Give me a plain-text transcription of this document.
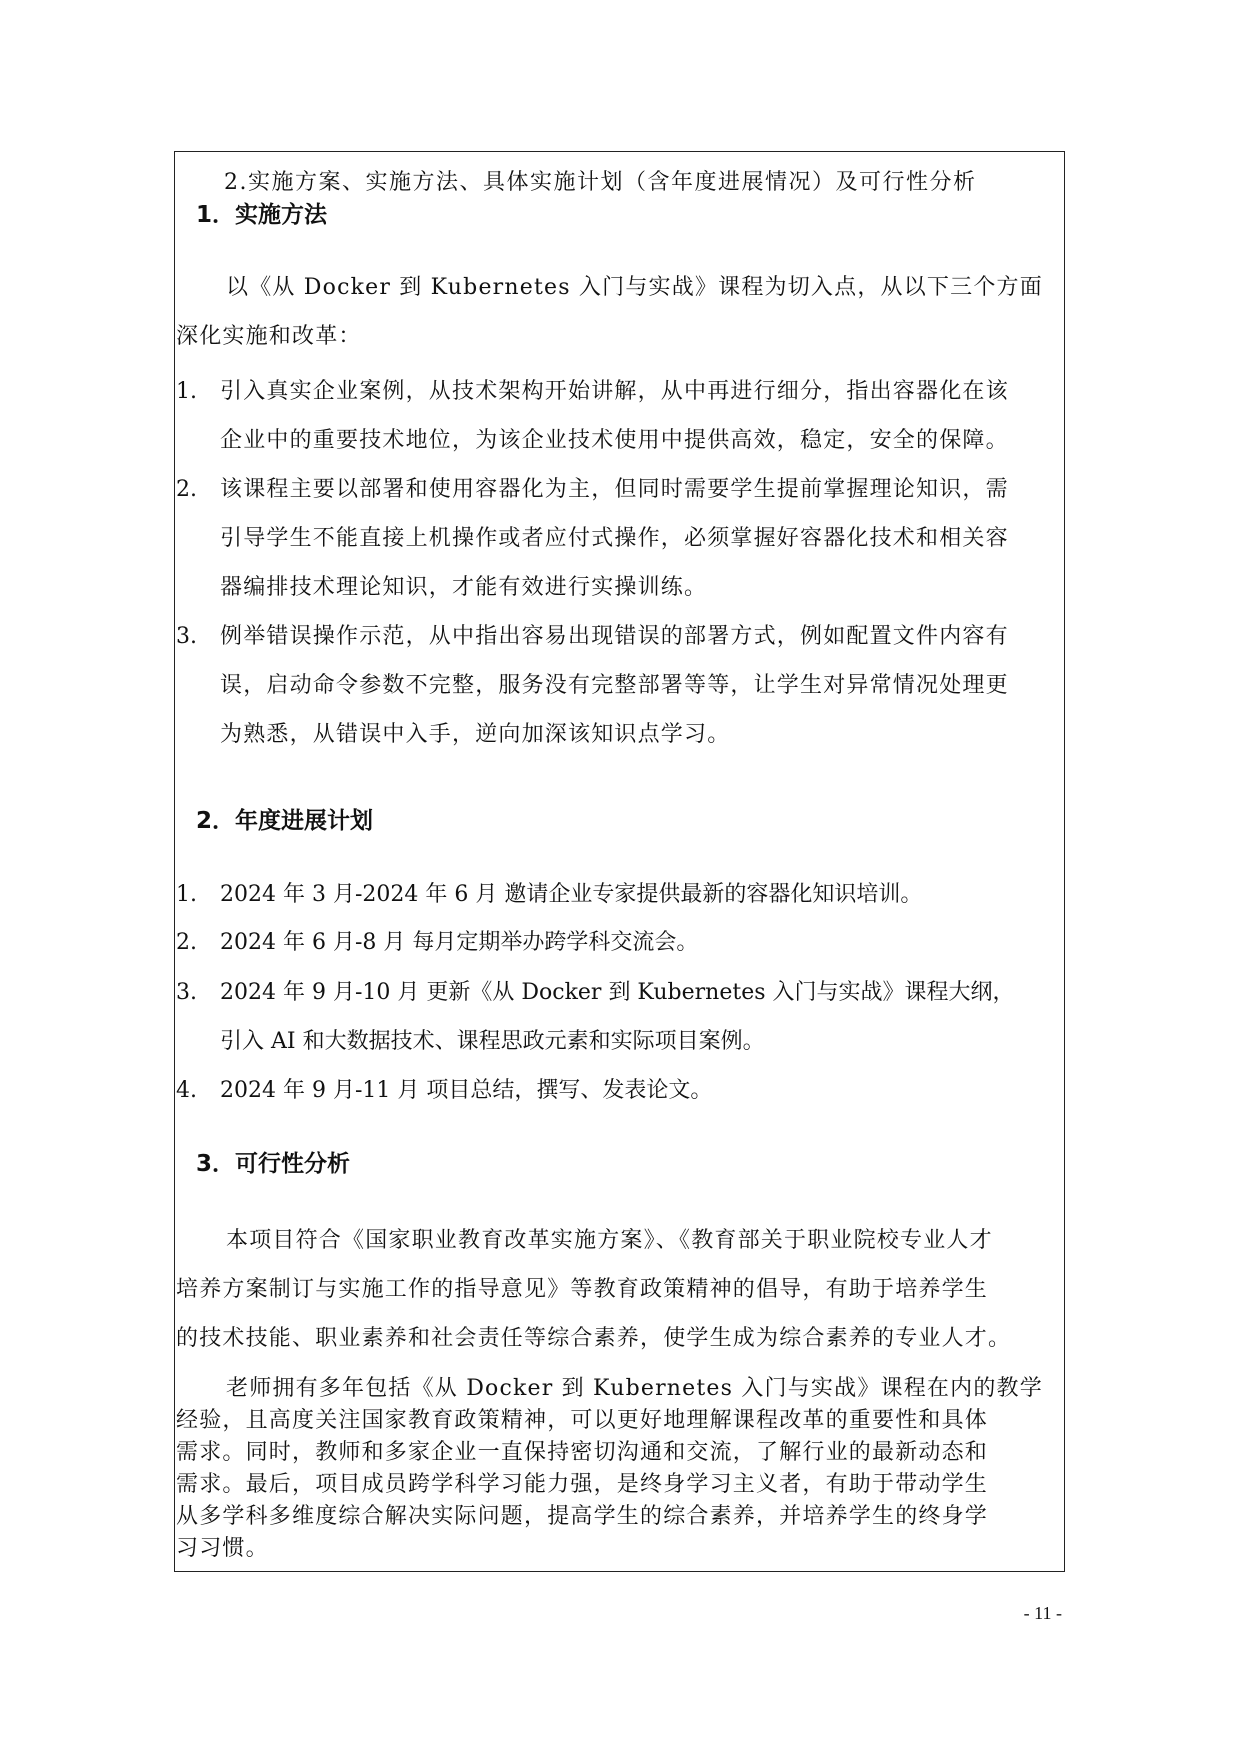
2.实施方案、实施方法、具体实施计划（含年度进展情况）及可行性分析
1．实施方法
以《从 Docker 到 Kubernetes 入门与实战》课程为切入点，从以下三个方面
深化实施和改革：
1. 引入真实企业案例，从技术架构开始讲解，从中再进行细分，指出容器化在该
企业中的重要技术地位，为该企业技术使用中提供高效，稳定，安全的保障。
2. 该课程主要以部署和使用容器化为主，但同时需要学生提前掌握理论知识，需
引导学生不能直接上机操作或者应付式操作，必须掌握好容器化技术和相关容
器编排技术理论知识，才能有效进行实操训练。
3. 例举错误操作示范，从中指出容易出现错误的部署方式，例如配置文件内容有
误，启动命令参数不完整，服务没有完整部署等等，让学生对异常情况处理更
为熟悉，从错误中入手，逆向加深该知识点学习。
2．年度进展计划
1. 2024 年 3 月-2024 年 6 月 邀请企业专家提供最新的容器化知识培训。
2. 2024 年 6 月-8 月 每月定期举办跨学科交流会。
3. 2024 年 9 月-10 月 更新《从 Docker 到 Kubernetes 入门与实战》课程大纲，
引入 AI 和大数据技术、课程思政元素和实际项目案例。
4. 2024 年 9 月-11 月 项目总结，撰写、发表论文。
3．可行性分析
本项目符合《国家职业教育改革实施方案》、《教育部关于职业院校专业人才
培养方案制订与实施工作的指导意见》等教育政策精神的倡导，有助于培养学生
的技术技能、职业素养和社会责任等综合素养，使学生成为综合素养的专业人才。
老师拥有多年包括《从 Docker 到 Kubernetes 入门与实战》课程在内的教学
经验，且高度关注国家教育政策精神，可以更好地理解课程改革的重要性和具体
需求。同时，教师和多家企业一直保持密切沟通和交流，了解行业的最新动态和
需求。最后，项目成员跨学科学习能力强，是终身学习主义者，有助于带动学生
从多学科多维度综合解决实际问题，提高学生的综合素养，并培养学生的终身学
习习惯。
- 11 -
